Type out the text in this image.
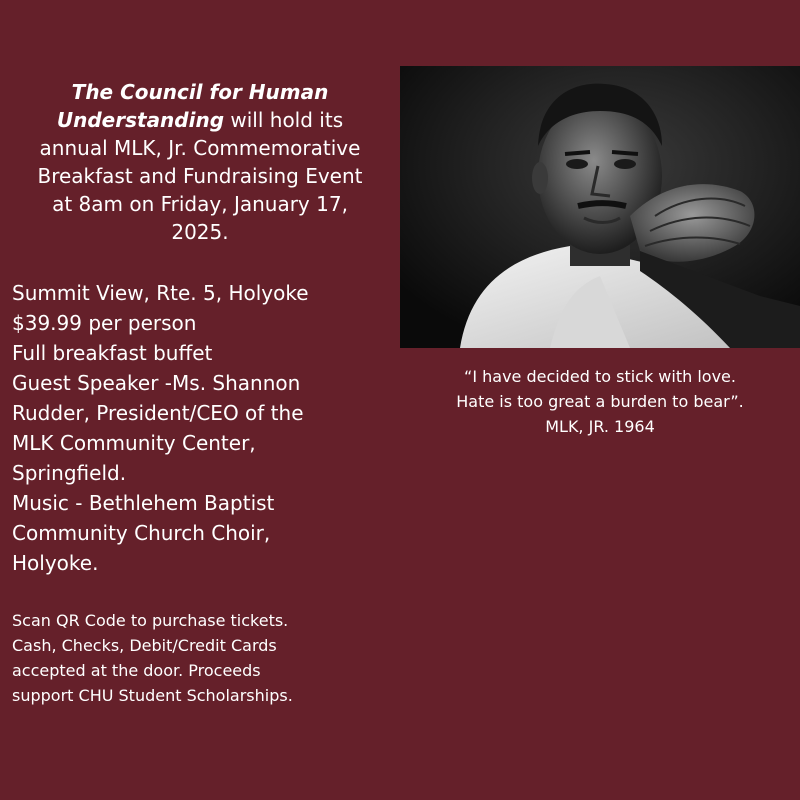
The Council for Human
Understanding will hold its
annual MLK, Jr. Commemorative
Breakfast and Fundraising Event
at 8am on Friday, January 17,
2025.
Summit View, Rte. 5, Holyoke
$39.99 per person
Full breakfast buffet
Guest Speaker -Ms. Shannon
Rudder, President/CEO of the
MLK Community Center,
Springfield.
Music - Bethlehem Baptist
Community Church Choir,
Holyoke.
Scan QR Code to purchase tickets.
Cash, Checks, Debit/Credit Cards
accepted at the door. Proceeds
support CHU Student Scholarships.
“I have decided to stick with love.
Hate is too great a burden to bear”.
MLK, JR. 1964
